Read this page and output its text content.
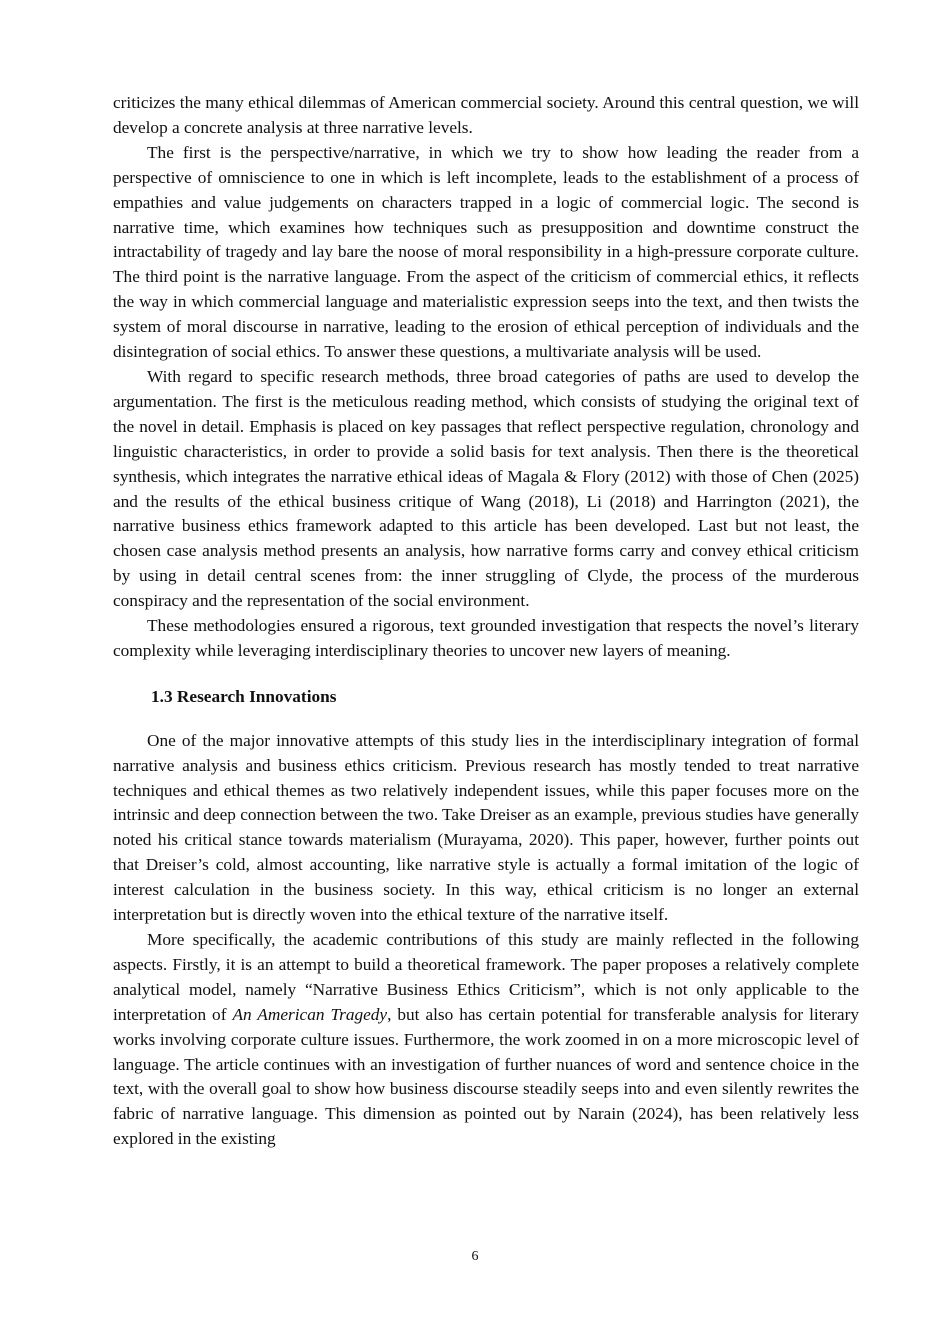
criticizes the many ethical dilemmas of American commercial society. Around this central question, we will develop a concrete analysis at three narrative levels.

The first is the perspective/narrative, in which we try to show how leading the reader from a perspective of omniscience to one in which is left incomplete, leads to the establishment of a process of empathies and value judgements on characters trapped in a logic of commercial logic. The second is narrative time, which examines how techniques such as presupposition and downtime construct the intractability of tragedy and lay bare the noose of moral responsibility in a high-pressure corporate culture. The third point is the narrative language. From the aspect of the criticism of commercial ethics, it reflects the way in which commercial language and materialistic expression seeps into the text, and then twists the system of moral discourse in narrative, leading to the erosion of ethical perception of individuals and the disintegration of social ethics. To answer these questions, a multivariate analysis will be used.

With regard to specific research methods, three broad categories of paths are used to develop the argumentation. The first is the meticulous reading method, which consists of studying the original text of the novel in detail. Emphasis is placed on key passages that reflect perspective regulation, chronology and linguistic characteristics, in order to provide a solid basis for text analysis. Then there is the theoretical synthesis, which integrates the narrative ethical ideas of Magala & Flory (2012) with those of Chen (2025) and the results of the ethical business critique of Wang (2018), Li (2018) and Harrington (2021), the narrative business ethics framework adapted to this article has been developed. Last but not least, the chosen case analysis method presents an analysis, how narrative forms carry and convey ethical criticism by using in detail central scenes from: the inner struggling of Clyde, the process of the murderous conspiracy and the representation of the social environment.

These methodologies ensured a rigorous, text grounded investigation that respects the novel’s literary complexity while leveraging interdisciplinary theories to uncover new layers of meaning.

1.3 Research Innovations

One of the major innovative attempts of this study lies in the interdisciplinary integration of formal narrative analysis and business ethics criticism. Previous research has mostly tended to treat narrative techniques and ethical themes as two relatively independent issues, while this paper focuses more on the intrinsic and deep connection between the two. Take Dreiser as an example, previous studies have generally noted his critical stance towards materialism (Murayama, 2020). This paper, however, further points out that Dreiser’s cold, almost accounting, like narrative style is actually a formal imitation of the logic of interest calculation in the business society. In this way, ethical criticism is no longer an external interpretation but is directly woven into the ethical texture of the narrative itself.

More specifically, the academic contributions of this study are mainly reflected in the following aspects. Firstly, it is an attempt to build a theoretical framework. The paper proposes a relatively complete analytical model, namely “Narrative Business Ethics Criticism”, which is not only applicable to the interpretation of An American Tragedy, but also has certain potential for transferable analysis for literary works involving corporate culture issues. Furthermore, the work zoomed in on a more microscopic level of language. The article continues with an investigation of further nuances of word and sentence choice in the text, with the overall goal to show how business discourse steadily seeps into and even silently rewrites the fabric of narrative language. This dimension as pointed out by Narain (2024), has been relatively less explored in the existing

6
